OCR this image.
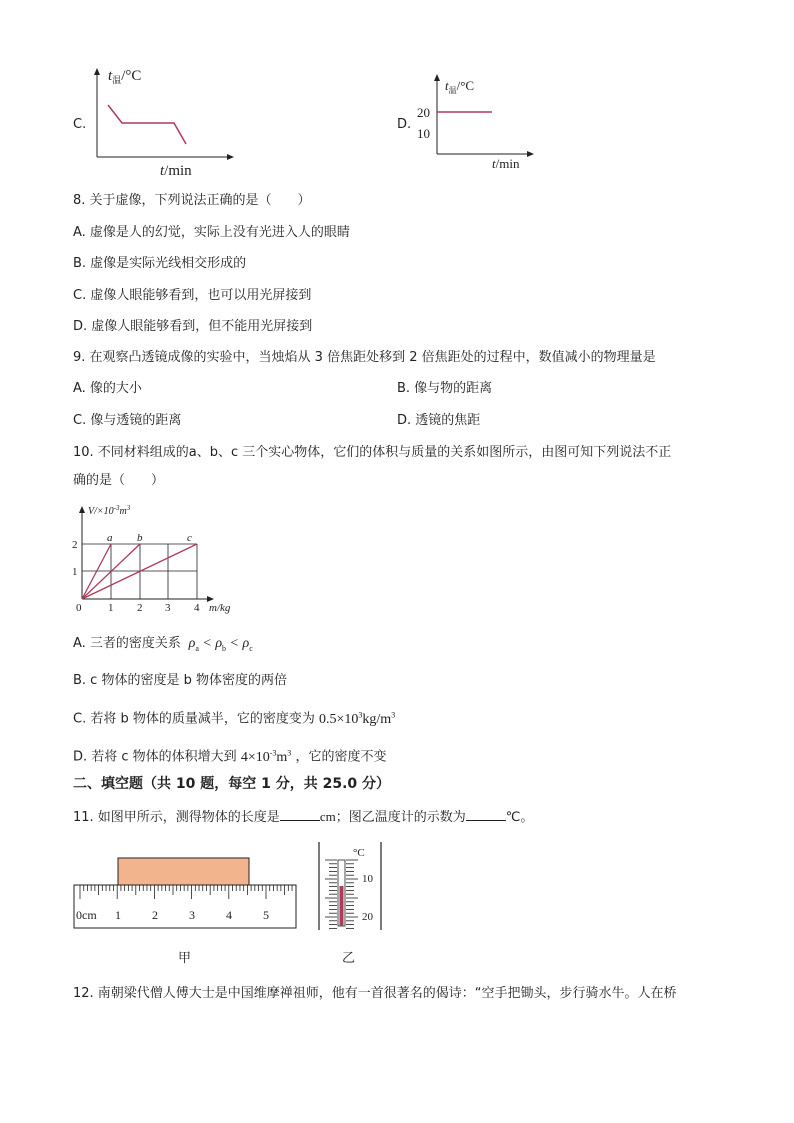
C.
$t_温/^\circ C$
t/min
D.
$t_温/^\circ C$
20
10
t/min
8. 关于虚像，下列说法正确的是（　　）
A. 虚像是人的幻觉，实际上没有光进入人的眼睛
B. 虚像是实际光线相交形成的
C. 虚像人眼能够看到，也可以用光屏接到
D. 虚像人眼能够看到，但不能用光屏接到
9. 在观察凸透镜成像的实验中，当烛焰从 3 倍焦距处移到 2 倍焦距处的过程中，数值减小的物理量是
A. 像的大小	B. 像与物的距离
C. 像与透镜的距离	D. 透镜的焦距
10. 不同材料组成的a、b、c 三个实心物体，它们的体积与质量的关系如图所示，由图可知下列说法不正
确的是（　　）
$V/\times 10^{-3}m^3$
a b	c
2
1
0 1 2 3 4 m/kg
A. 三者的密度关系  $\rho_a < \rho_b < \rho_c$
B. c 物体的密度是 b 物体密度的两倍
C. 若将 b 物体的质量减半，它的密度变为 $0.5\times 10^3kg/m^3$
D. 若将 c 物体的体积增大到 $4\times 10^{-3}m^3$ ，它的密度不变
二、填空题（共 10 题，每空 1 分，共 25.0 分）
11. 如图甲所示，测得物体的长度是	cm；图乙温度计的示数为	℃。
0cm 1	2	3	4	5
°C
10
20
甲	乙
12. 南朝梁代僧人傅大士是中国维摩禅祖师，他有一首很著名的偈诗：“空手把锄头，步行骑水牛。人在桥
